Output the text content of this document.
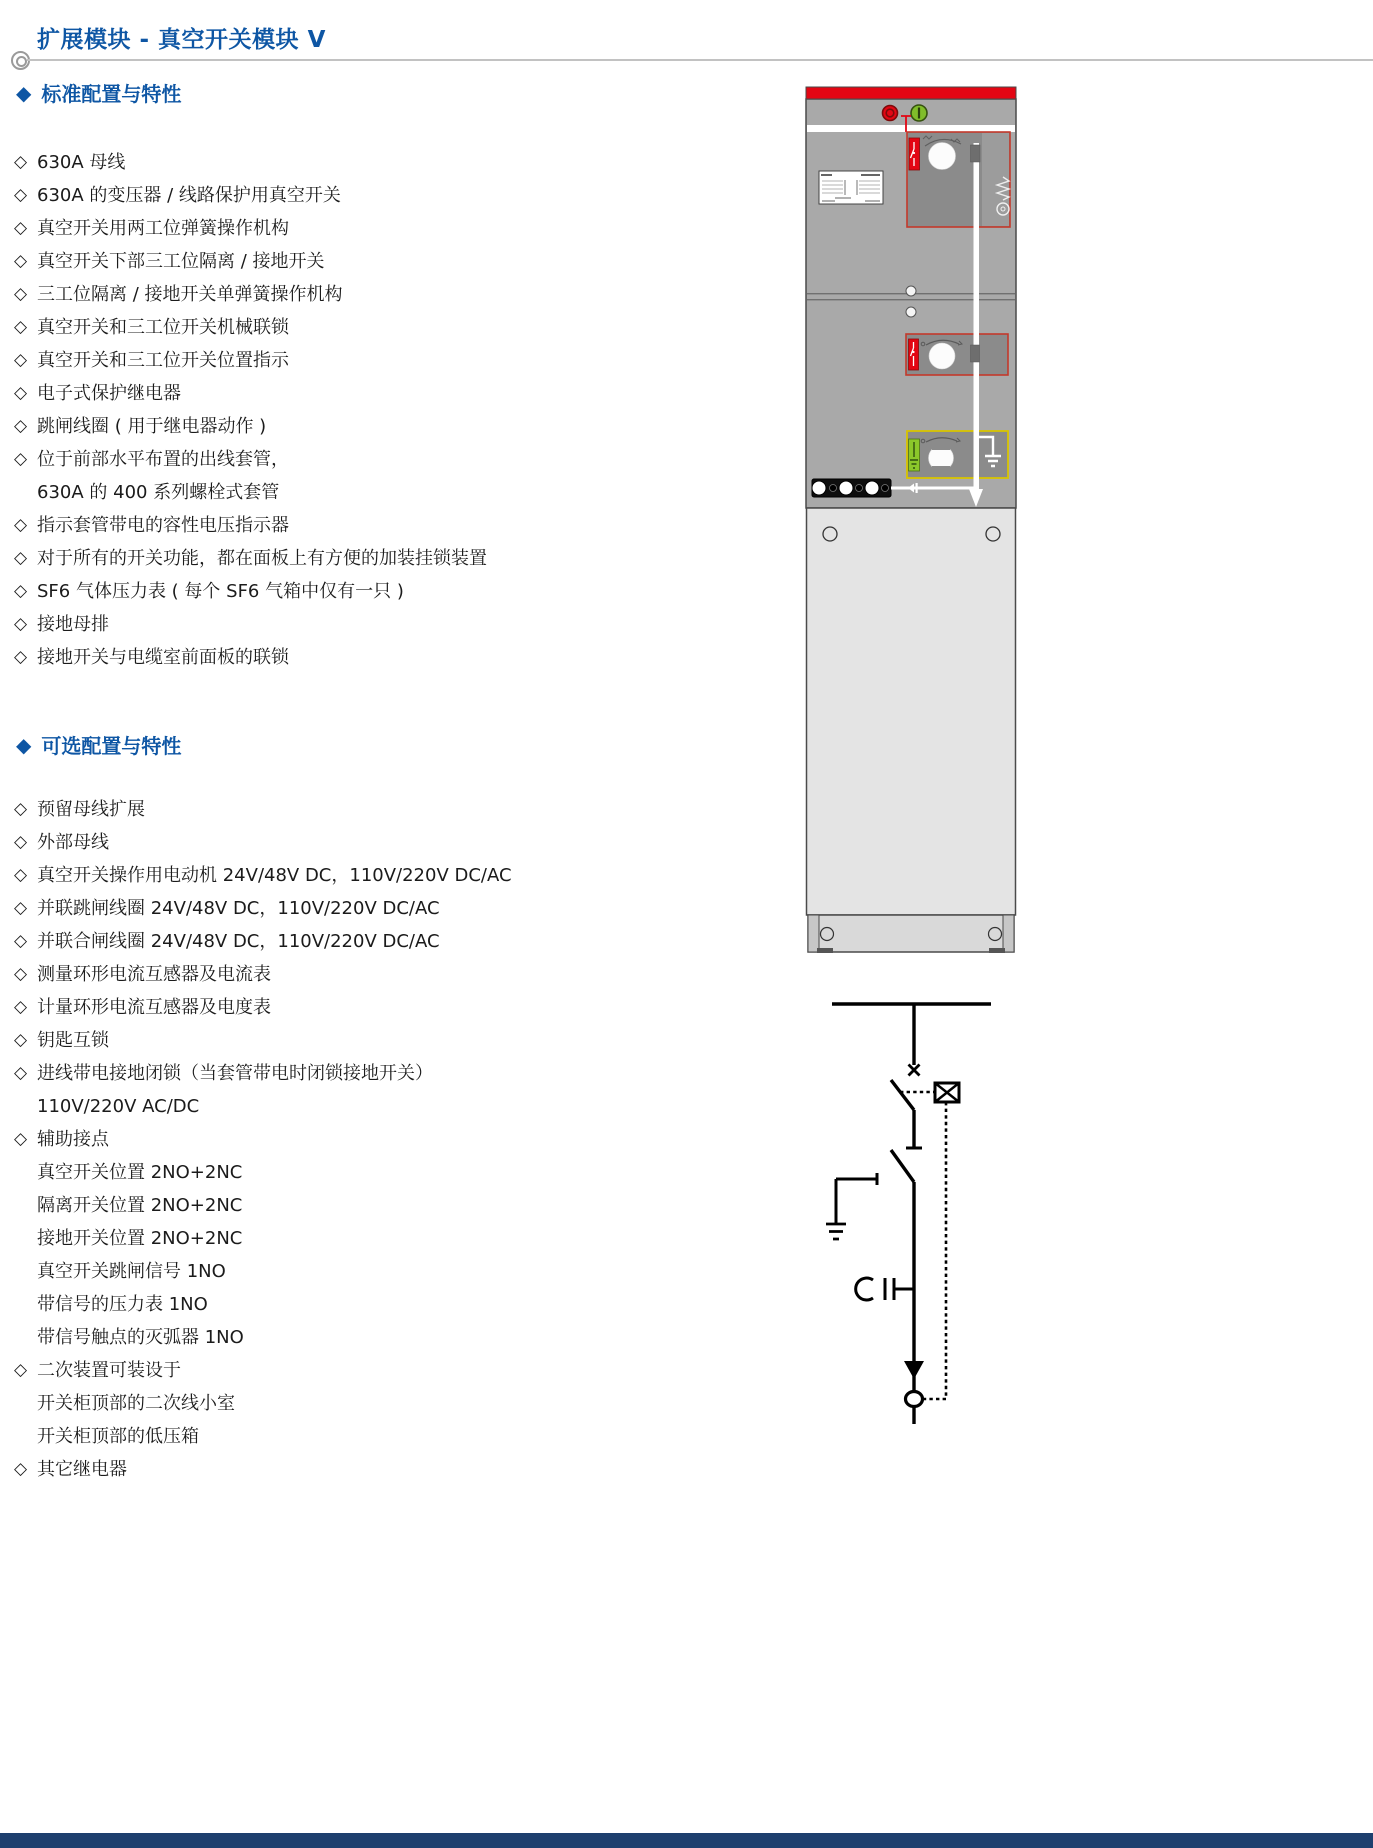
扩展模块 - 真空开关模块 V
◆ 标准配置与特性
◇ 630A 母线
◇ 630A 的变压器 / 线路保护用真空开关
◇ 真空开关用两工位弹簧操作机构
◇ 真空开关下部三工位隔离 / 接地开关
◇ 三工位隔离 / 接地开关单弹簧操作机构
◇ 真空开关和三工位开关机械联锁
◇ 真空开关和三工位开关位置指示
◇ 电子式保护继电器
◇ 跳闸线圈 ( 用于继电器动作 )
◇ 位于前部水平布置的出线套管，
630A 的 400 系列螺栓式套管
◇ 指示套管带电的容性电压指示器
◇ 对于所有的开关功能，都在面板上有方便的加装挂锁装置
◇ SF6 气体压力表 ( 每个 SF6 气箱中仅有一只 )
◇ 接地母排
◇ 接地开关与电缆室前面板的联锁
◆ 可选配置与特性
◇ 预留母线扩展
◇ 外部母线
◇ 真空开关操作用电动机 24V/48V DC，110V/220V DC/AC
◇ 并联跳闸线圈 24V/48V DC，110V/220V DC/AC
◇ 并联合闸线圈 24V/48V DC，110V/220V DC/AC
◇ 测量环形电流互感器及电流表
◇ 计量环形电流互感器及电度表
◇ 钥匙互锁
◇ 进线带电接地闭锁（当套管带电时闭锁接地开关）
110V/220V AC/DC
◇ 辅助接点
真空开关位置 2NO+2NC
隔离开关位置 2NO+2NC
接地开关位置 2NO+2NC
真空开关跳闸信号 1NO
带信号的压力表 1NO
带信号触点的灭弧器 1NO
◇ 二次装置可装设于
开关柜顶部的二次线小室
开关柜顶部的低压箱
◇ 其它继电器
